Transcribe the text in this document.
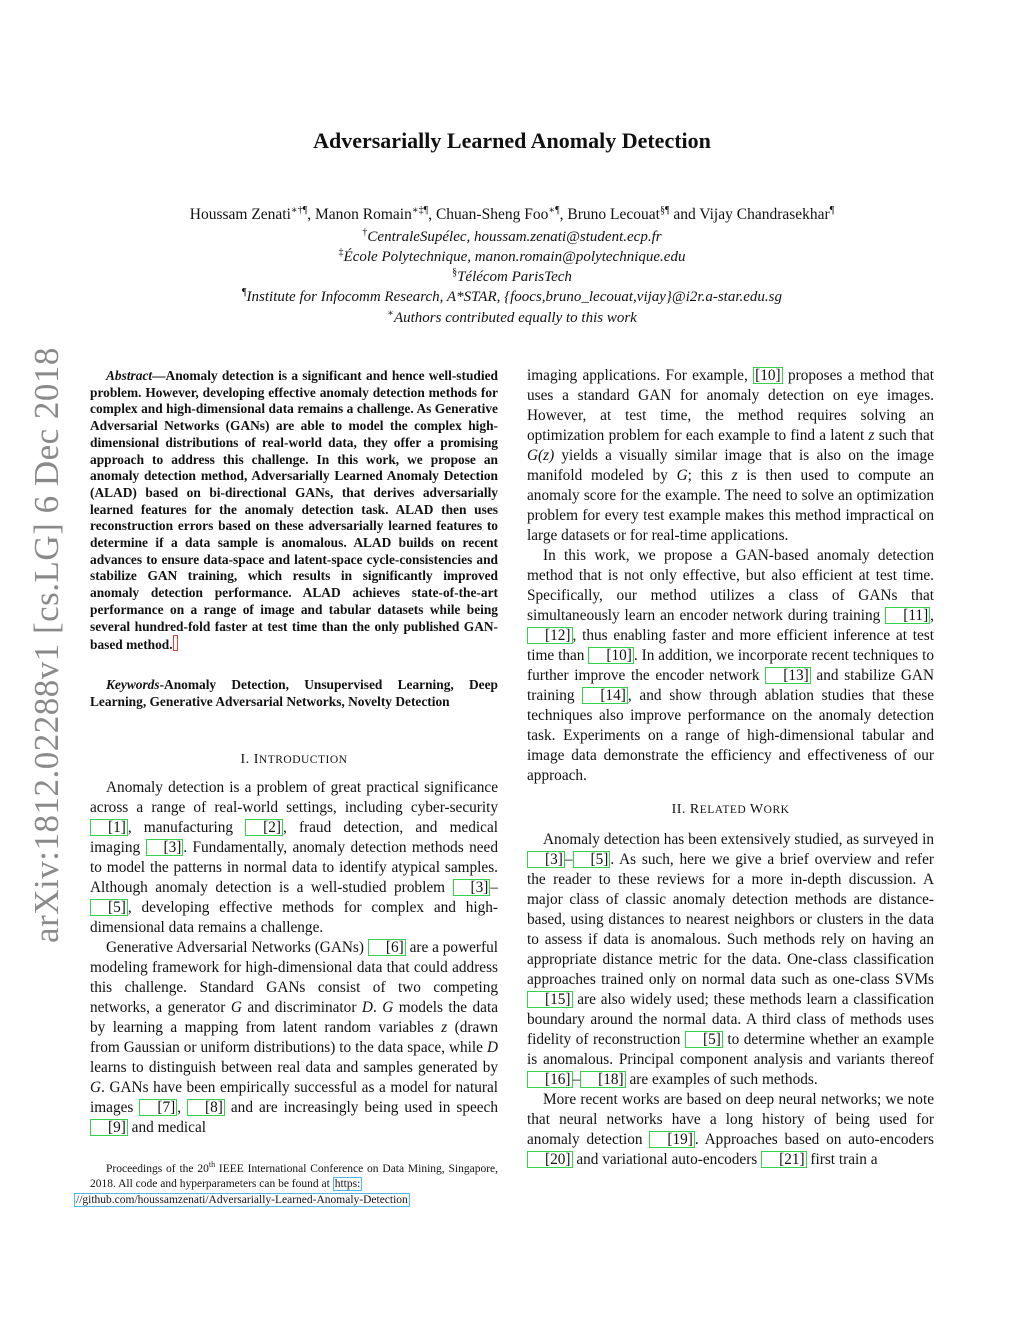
arXiv:1812.02288v1 [cs.LG] 6 Dec 2018
Adversarially Learned Anomaly Detection
Houssam Zenati∗†¶, Manon Romain∗‡¶, Chuan-Sheng Foo∗¶, Bruno Lecouat§¶ and Vijay Chandrasekhar¶
†CentraleSupélec, houssam.zenati@student.ecp.fr
‡École Polytechnique, manon.romain@polytechnique.edu
§Télécom ParisTech
¶Institute for Infocomm Research, A*STAR, {foocs,bruno_lecouat,vijay}@i2r.a-star.edu.sg
∗Authors contributed equally to this work

Abstract—Anomaly detection is a significant and hence well-studied problem. However, developing effective anomaly detection methods for complex and high-dimensional data remains a challenge. As Generative Adversarial Networks (GANs) are able to model the complex high-dimensional distributions of real-world data, they offer a promising approach to address this challenge. In this work, we propose an anomaly detection method, Adversarially Learned Anomaly Detection (ALAD) based on bi-directional GANs, that derives adversarially learned features for the anomaly detection task. ALAD then uses reconstruction errors based on these adversarially learned features to determine if a data sample is anomalous. ALAD builds on recent advances to ensure data-space and latent-space cycle-consistencies and stabilize GAN training, which results in significantly improved anomaly detection performance. ALAD achieves state-of-the-art performance on a range of image and tabular datasets while being several hundred-fold faster at test time than the only published GAN-based method.

Keywords-Anomaly Detection, Unsupervised Learning, Deep Learning, Generative Adversarial Networks, Novelty Detection

I. INTRODUCTION

Anomaly detection is a problem of great practical significance across a range of real-world settings, including cyber-security [1] , manufacturing [2] , fraud detection, and medical imaging [3] . Fundamentally, anomaly detection methods need to model the patterns in normal data to identify atypical samples. Although anomaly detection is a well-studied problem [3] –[5] , developing effective methods for complex and high-dimensional data remains a challenge.

Generative Adversarial Networks (GANs) [6] are a powerful modeling framework for high-dimensional data that could address this challenge. Standard GANs consist of two competing networks, a generator G and discriminator D. G models the data by learning a mapping from latent random variables z (drawn from Gaussian or uniform distributions) to the data space, while D learns to distinguish between real data and samples generated by G. GANs have been empirically successful as a model for natural images [7] , [8] and are increasingly being used in speech [9] and medical

Proceedings of the 20th IEEE International Conference on Data Mining, Singapore, 2018. All code and hyperparameters can be found at https:
//github.com/houssamzenati/Adversarially-Learned-Anomaly-Detection

imaging applications. For example, [10] proposes a method that uses a standard GAN for anomaly detection on eye images. However, at test time, the method requires solving an optimization problem for each example to find a latent z such that G(z) yields a visually similar image that is also on the image manifold modeled by G; this z is then used to compute an anomaly score for the example. The need to solve an optimization problem for every test example makes this method impractical on large datasets or for real-time applications.

In this work, we propose a GAN-based anomaly detection method that is not only effective, but also efficient at test time. Specifically, our method utilizes a class of GANs that simultaneously learn an encoder network during training [11] , [12] , thus enabling faster and more efficient inference at test time than [10] . In addition, we incorporate recent techniques to further improve the encoder network [13] and stabilize GAN training [14] , and show through ablation studies that these techniques also improve performance on the anomaly detection task. Experiments on a range of high-dimensional tabular and image data demonstrate the efficiency and effectiveness of our approach.

II. RELATED WORK

Anomaly detection has been extensively studied, as surveyed in [3] – [5] . As such, here we give a brief overview and refer the reader to these reviews for a more in-depth discussion. A major class of classic anomaly detection methods are distance-based, using distances to nearest neighbors or clusters in the data to assess if data is anomalous. Such methods rely on having an appropriate distance metric for the data. One-class classification approaches trained only on normal data such as one-class SVMs [15] are also widely used; these methods learn a classification boundary around the normal data. A third class of methods uses fidelity of reconstruction [5] to determine whether an example is anomalous. Principal component analysis and variants thereof [16] – [18] are examples of such methods.

More recent works are based on deep neural networks; we note that neural networks have a long history of being used for anomaly detection [19] . Approaches based on auto-encoders [20] and variational auto-encoders [21] first train a
